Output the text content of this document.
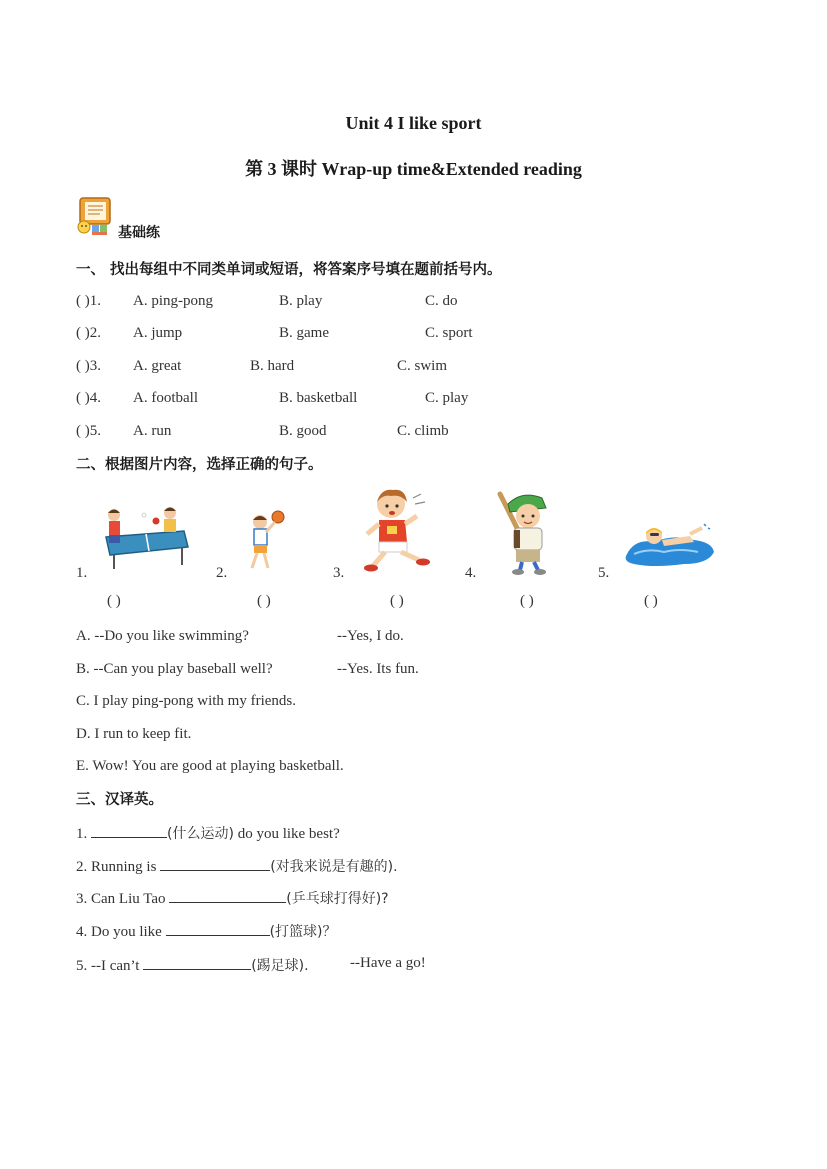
Unit 4 I like sport
第 3 课时 Wrap-up time&Extended reading
基础练
一、 找出每组中不同类单词或短语，将答案序号填在题前括号内。
( )1. A. ping-pong	B. play	C. do
( )2. A. jump	B. game	C. sport
( )3. A. great	B. hard	C. swim
( )4. A. football	B. basketball	C. play
( )5. A. run	B. good	C. climb
二、根据图片内容，选择正确的句子。
1.
( )
2.
( )
3.
( )
4.
( )
5.
( )
A. --Do you like swimming?	--Yes, I do.
B. --Can you play baseball well?	--Yes. Its fun.
C. I play ping-pong with my friends.
D. I run to keep fit.
E. Wow! You are good at playing basketball.
三、汉译英。
1.	(什么运动) do you like best?
2. Running is	(对我来说是有趣的).
3. Can Liu Tao	(乒乓球打得好)?
4. Do you like	(打篮球)？
5. --I can’t	(踢足球).	--Have a go!
